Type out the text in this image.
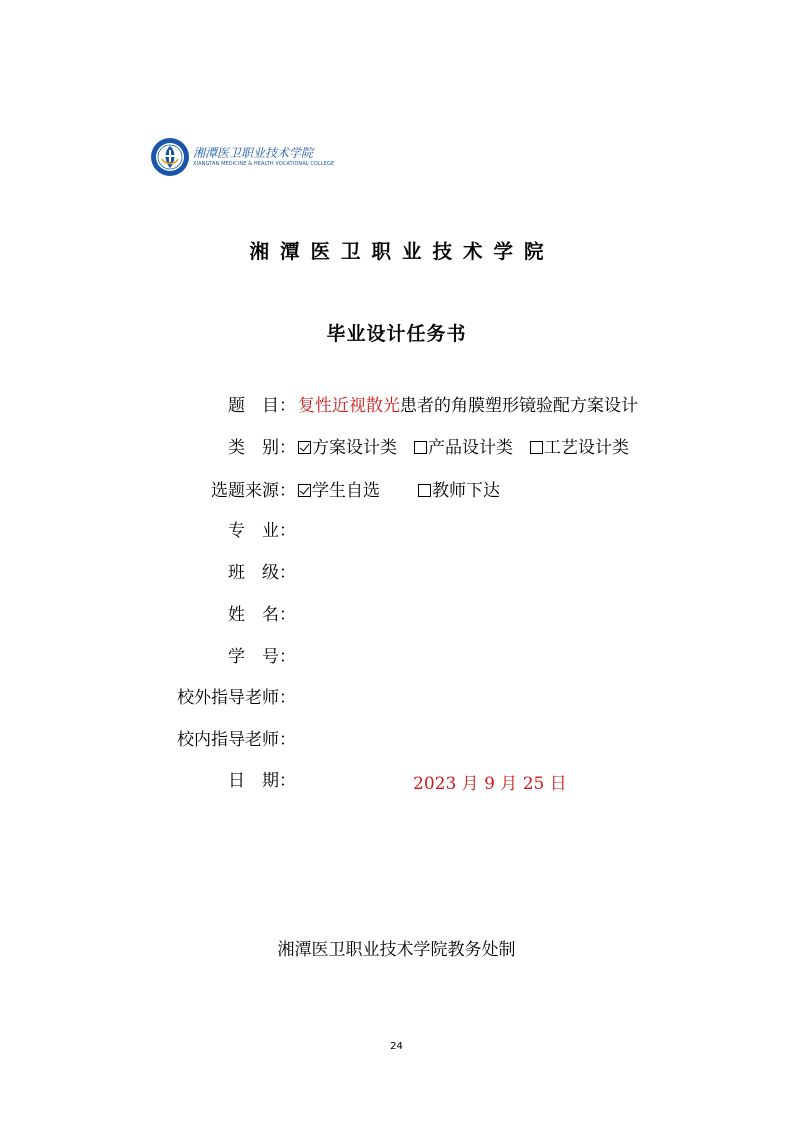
湘潭医卫职业技术学院
XIANGTAN MEDICINE & HEALTH VOCATIONAL COLLEGE
湘潭医卫职业技术学院
毕业设计任务书
题　目： 复性近视散光患者的角膜塑形镜验配方案设计
类　别： 方案设计类 产品设计类 工艺设计类
选题来源： 学生自选	教师下达
专　业：
班　级：
姓　名：
学　号：
校外指导老师：
校内指导老师：
日　期：	2023 月 9 月 25 日
湘潭医卫职业技术学院教务处制
24
